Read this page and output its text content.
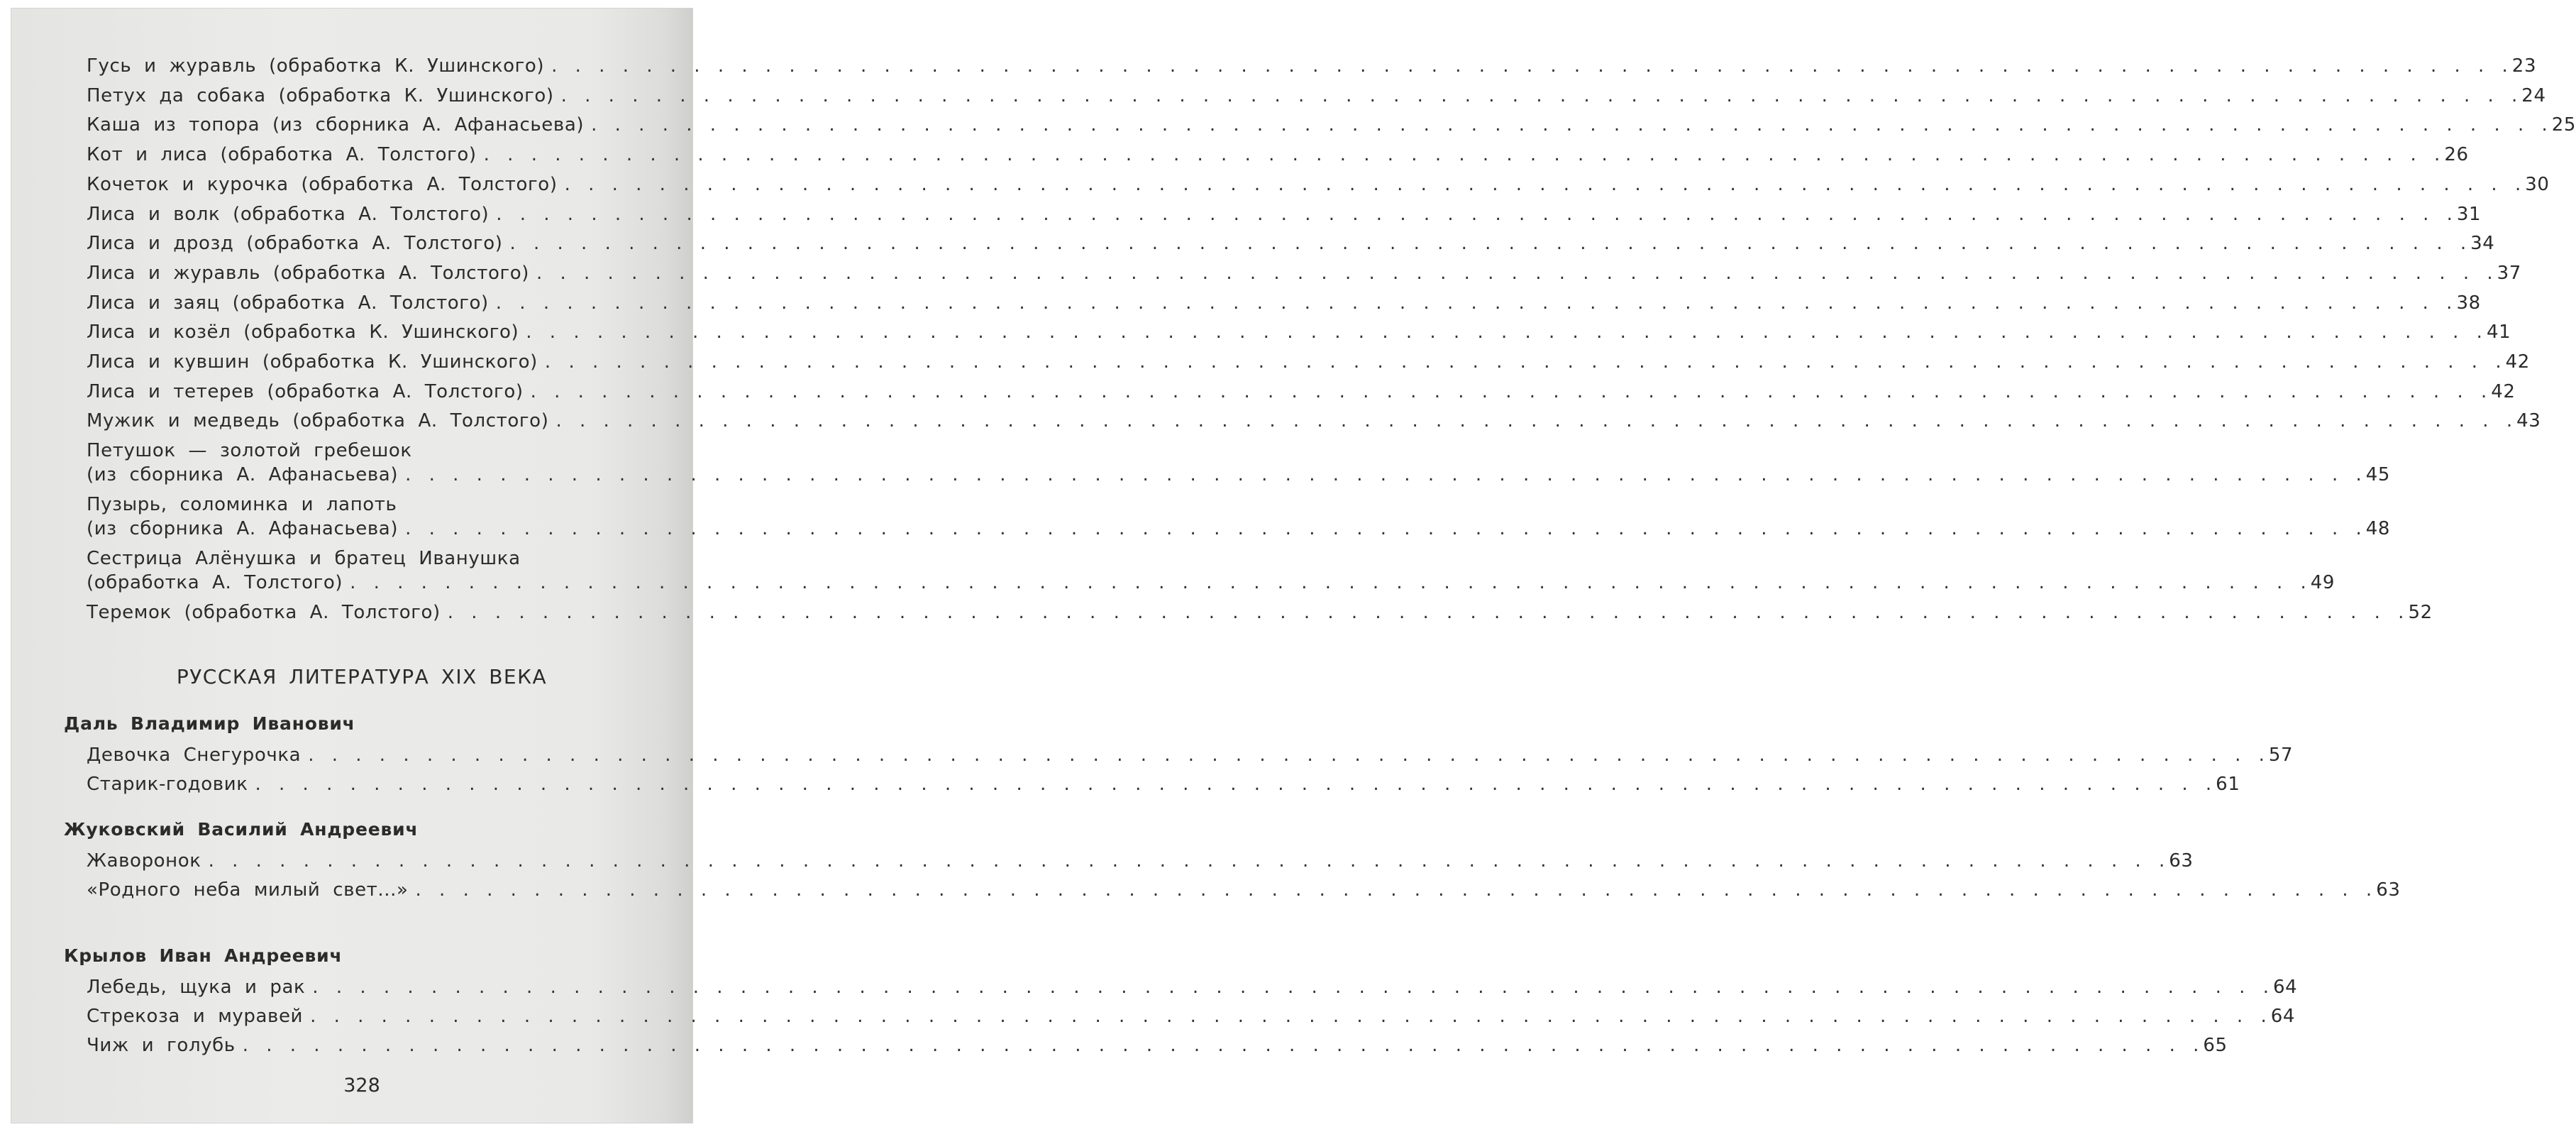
Гусь и журавль (обработка К. Ушинского) . . . . . . . . . . . . . . . . . . . . . . . . . . . . . . . . . . . . . . . . . . . . . . . . . . . . . . . . . . . . . . . . . . . . . . . . . . . . . . . . . . . 23
Петух да собака (обработка К. Ушинского) . . . . . . . . . . . . . . . . . . . . . . . . . . . . . . . . . . . . . . . . . . . . . . . . . . . . . . . . . . . . . . . . . . . . . . . . . . . . . . . . . . . 24
Каша из топора (из сборника А. Афанасьева) . . . . . . . . . . . . . . . . . . . . . . . . . . . . . . . . . . . . . . . . . . . . . . . . . . . . . . . . . . . . . . . . . . . . . . . . . . . . . . . . . . . 25
Кот и лиса (обработка А. Толстого) . . . . . . . . . . . . . . . . . . . . . . . . . . . . . . . . . . . . . . . . . . . . . . . . . . . . . . . . . . . . . . . . . . . . . . . . . . . . . . . . . . . 26
Кочеток и курочка (обработка А. Толстого) . . . . . . . . . . . . . . . . . . . . . . . . . . . . . . . . . . . . . . . . . . . . . . . . . . . . . . . . . . . . . . . . . . . . . . . . . . . . . . . . . . . 30
Лиса и волк (обработка А. Толстого) . . . . . . . . . . . . . . . . . . . . . . . . . . . . . . . . . . . . . . . . . . . . . . . . . . . . . . . . . . . . . . . . . . . . . . . . . . . . . . . . . . . 31
Лиса и дрозд (обработка А. Толстого) . . . . . . . . . . . . . . . . . . . . . . . . . . . . . . . . . . . . . . . . . . . . . . . . . . . . . . . . . . . . . . . . . . . . . . . . . . . . . . . . . . . 34
Лиса и журавль (обработка А. Толстого) . . . . . . . . . . . . . . . . . . . . . . . . . . . . . . . . . . . . . . . . . . . . . . . . . . . . . . . . . . . . . . . . . . . . . . . . . . . . . . . . . . . 37
Лиса и заяц (обработка А. Толстого) . . . . . . . . . . . . . . . . . . . . . . . . . . . . . . . . . . . . . . . . . . . . . . . . . . . . . . . . . . . . . . . . . . . . . . . . . . . . . . . . . . . 38
Лиса и козёл (обработка К. Ушинского) . . . . . . . . . . . . . . . . . . . . . . . . . . . . . . . . . . . . . . . . . . . . . . . . . . . . . . . . . . . . . . . . . . . . . . . . . . . . . . . . . . . 41
Лиса и кувшин (обработка К. Ушинского) . . . . . . . . . . . . . . . . . . . . . . . . . . . . . . . . . . . . . . . . . . . . . . . . . . . . . . . . . . . . . . . . . . . . . . . . . . . . . . . . . . . 42
Лиса и тетерев (обработка А. Толстого) . . . . . . . . . . . . . . . . . . . . . . . . . . . . . . . . . . . . . . . . . . . . . . . . . . . . . . . . . . . . . . . . . . . . . . . . . . . . . . . . . . . 42
Мужик и медведь (обработка А. Толстого) . . . . . . . . . . . . . . . . . . . . . . . . . . . . . . . . . . . . . . . . . . . . . . . . . . . . . . . . . . . . . . . . . . . . . . . . . . . . . . . . . . . 43
Петушок — золотой гребешок
(из сборника А. Афанасьева) . . . . . . . . . . . . . . . . . . . . . . . . . . . . . . . . . . . . . . . . . . . . . . . . . . . . . . . . . . . . . . . . . . . . . . . . . . . . . . . . . . . 45
Пузырь, соломинка и лапоть
(из сборника А. Афанасьева) . . . . . . . . . . . . . . . . . . . . . . . . . . . . . . . . . . . . . . . . . . . . . . . . . . . . . . . . . . . . . . . . . . . . . . . . . . . . . . . . . . . 48
Сестрица Алёнушка и братец Иванушка
(обработка А. Толстого) . . . . . . . . . . . . . . . . . . . . . . . . . . . . . . . . . . . . . . . . . . . . . . . . . . . . . . . . . . . . . . . . . . . . . . . . . . . . . . . . . . . 49
Теремок (обработка А. Толстого) . . . . . . . . . . . . . . . . . . . . . . . . . . . . . . . . . . . . . . . . . . . . . . . . . . . . . . . . . . . . . . . . . . . . . . . . . . . . . . . . . . . 52
РУССКАЯ ЛИТЕРАТУРА XIX ВЕКА
Даль Владимир Иванович
Девочка Снегурочка . . . . . . . . . . . . . . . . . . . . . . . . . . . . . . . . . . . . . . . . . . . . . . . . . . . . . . . . . . . . . . . . . . . . . . . . . . . . . . . . . . . 57
Старик-годовик . . . . . . . . . . . . . . . . . . . . . . . . . . . . . . . . . . . . . . . . . . . . . . . . . . . . . . . . . . . . . . . . . . . . . . . . . . . . . . . . . . . 61
Жуковский Василий Андреевич
Жаворонок . . . . . . . . . . . . . . . . . . . . . . . . . . . . . . . . . . . . . . . . . . . . . . . . . . . . . . . . . . . . . . . . . . . . . . . . . . . . . . . . . . . 63
«Родного неба милый свет...» . . . . . . . . . . . . . . . . . . . . . . . . . . . . . . . . . . . . . . . . . . . . . . . . . . . . . . . . . . . . . . . . . . . . . . . . . . . . . . . . . . . 63
Крылов Иван Андреевич
Лебедь, щука и рак . . . . . . . . . . . . . . . . . . . . . . . . . . . . . . . . . . . . . . . . . . . . . . . . . . . . . . . . . . . . . . . . . . . . . . . . . . . . . . . . . . . 64
Стрекоза и муравей . . . . . . . . . . . . . . . . . . . . . . . . . . . . . . . . . . . . . . . . . . . . . . . . . . . . . . . . . . . . . . . . . . . . . . . . . . . . . . . . . . . 64
Чиж и голубь . . . . . . . . . . . . . . . . . . . . . . . . . . . . . . . . . . . . . . . . . . . . . . . . . . . . . . . . . . . . . . . . . . . . . . . . . . . . . . . . . . . 65
328
